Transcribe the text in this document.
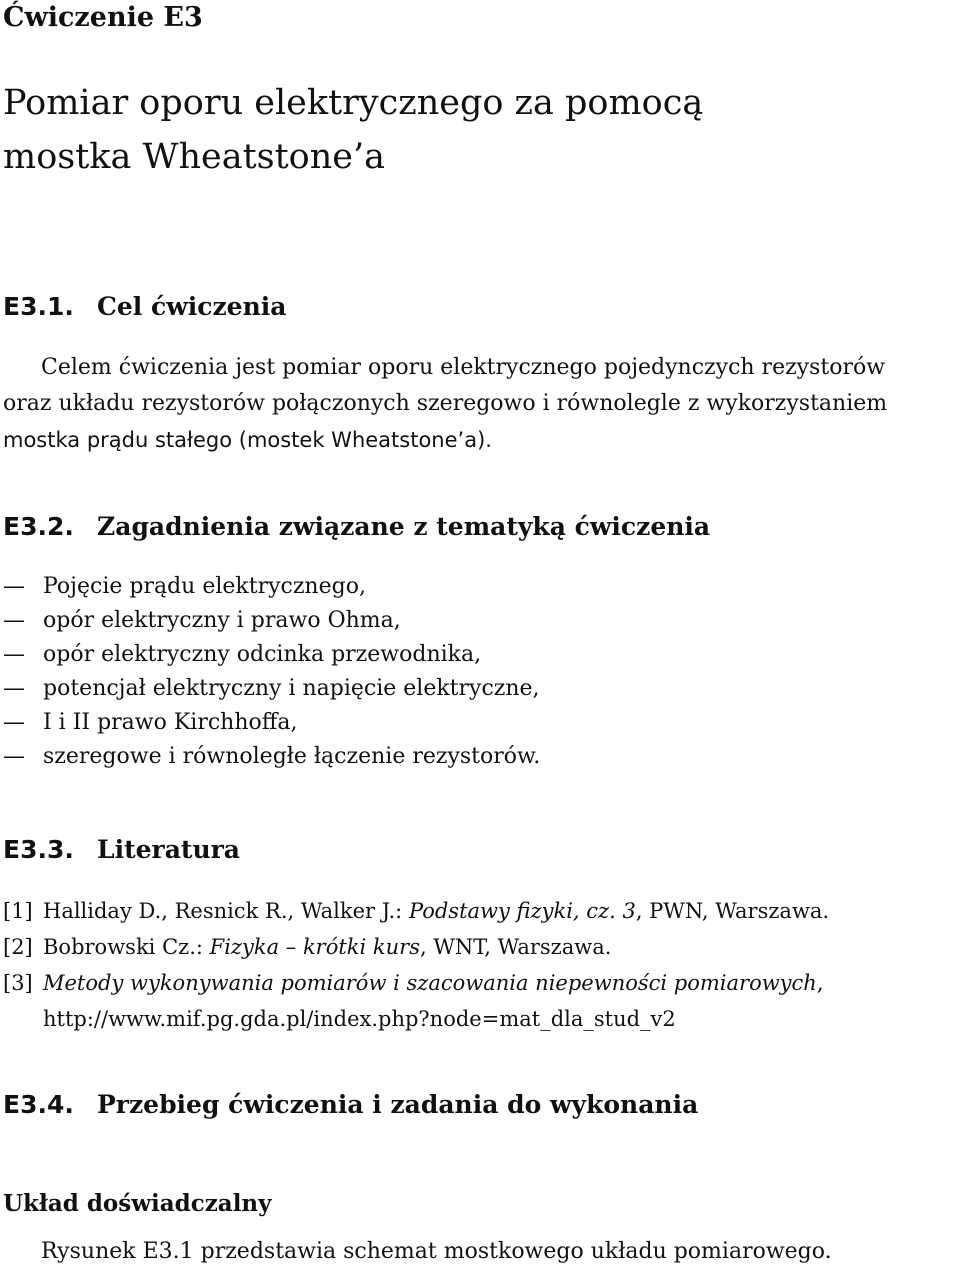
Ćwiczenie E3
Pomiar oporu elektrycznego za pomocą
mostka Wheatstone’a
E3.1. Cel ćwiczenia
Celem ćwiczenia jest pomiar oporu elektrycznego pojedynczych rezystorów
oraz układu rezystorów połączonych szeregowo i równolegle z wykorzystaniem
mostka prądu stałego (mostek Wheatstone’a).
E3.2. Zagadnienia związane z tematyką ćwiczenia
— Pojęcie prądu elektrycznego,
— opór elektryczny i prawo Ohma,
— opór elektryczny odcinka przewodnika,
— potencjał elektryczny i napięcie elektryczne,
— I i II prawo Kirchhoffa,
— szeregowe i równoległe łączenie rezystorów.
E3.3. Literatura
[1] Halliday D., Resnick R., Walker J.: Podstawy fizyki, cz. 3, PWN, Warszawa.
[2] Bobrowski Cz.: Fizyka – krótki kurs, WNT, Warszawa.
[3] Metody wykonywania pomiarów i szacowania niepewności pomiarowych,
http://www.mif.pg.gda.pl/index.php?node=mat_dla_stud_v2
E3.4. Przebieg ćwiczenia i zadania do wykonania
Układ doświadczalny
Rysunek E3.1 przedstawia schemat mostkowego układu pomiarowego.
